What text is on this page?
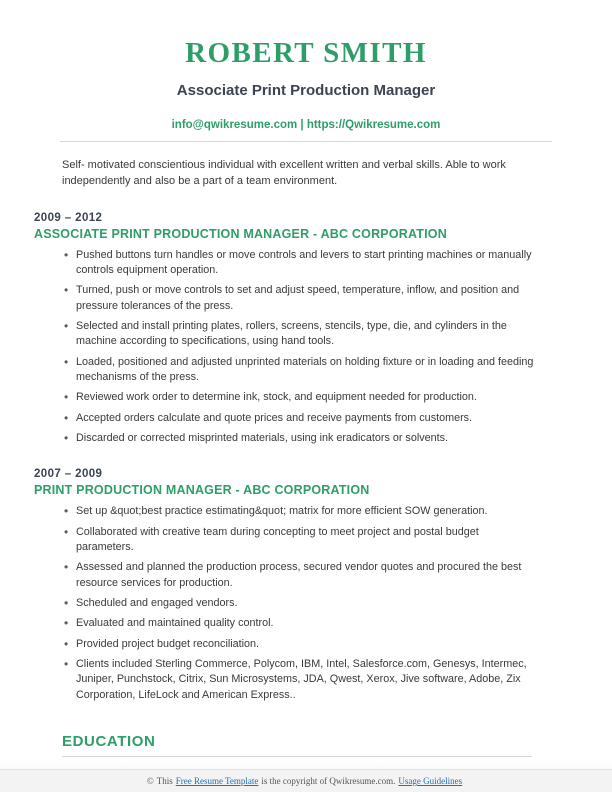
ROBERT SMITH
Associate Print Production Manager
info@qwikresume.com | https://Qwikresume.com
Self- motivated conscientious individual with excellent written and verbal skills. Able to work independently and also be a part of a team environment.
2009 – 2012
ASSOCIATE PRINT PRODUCTION MANAGER - ABC CORPORATION
• Pushed buttons turn handles or move controls and levers to start printing machines or manually controls equipment operation.
• Turned, push or move controls to set and adjust speed, temperature, inflow, and position and pressure tolerances of the press.
• Selected and install printing plates, rollers, screens, stencils, type, die, and cylinders in the machine according to specifications, using hand tools.
• Loaded, positioned and adjusted unprinted materials on holding fixture or in loading and feeding mechanisms of the press.
• Reviewed work order to determine ink, stock, and equipment needed for production.
• Accepted orders calculate and quote prices and receive payments from customers.
• Discarded or corrected misprinted materials, using ink eradicators or solvents.
2007 – 2009
PRINT PRODUCTION MANAGER - ABC CORPORATION
• Set up &quot;best practice estimating&quot; matrix for more efficient SOW generation.
• Collaborated with creative team during concepting to meet project and postal budget parameters.
• Assessed and planned the production process, secured vendor quotes and procured the best resource services for production.
• Scheduled and engaged vendors.
• Evaluated and maintained quality control.
• Provided project budget reconciliation.
• Clients included Sterling Commerce, Polycom, IBM, Intel, Salesforce.com, Genesys, Intermec, Juniper, Punchstock, Citrix, Sun Microsystems, JDA, Qwest, Xerox, Jive software, Adobe, Zix Corporation, LifeLock and American Express..
EDUCATION
© This Free Resume Template is the copyright of Qwikresume.com. Usage Guidelines
